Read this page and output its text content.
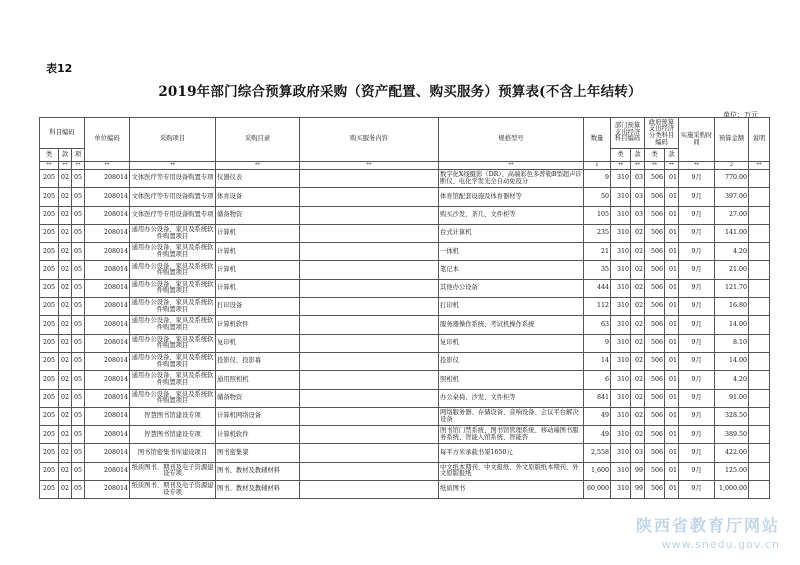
表12
2019年部门综合预算政府采购（资产配置、购买服务）预算表(不含上年结转）
单位：万元
科目编码			单位编码	采购项目	采购目录	购买服务内容	规格型号	数量	部门预算支出经济科目编码		政府预算支出经济分类科目编码		实施采购时间	预算金额	说明
类	款	项							类	款	类	款			
**	**	**	**	**	**	**	**	1	**	**	**	**	**	2	**
205	02	05	208014	文体医疗等专用设备购置专项	仪器仪表		数字化X线摄影（DR）、高端彩色多普勒B型超声诊断仪、电化学发光全自动免疫分	9	310	03	506	01	9月	770.00	
205	02	05	208014	文体医疗等专用设备购置专项	体育设备		体育馆配套设施及体育器材等	50	310	03	506	01	9月	397.00	
205	02	05	208014	文体医疗等专用设备购置专项	储备物资		购买沙发、茶几、文件柜等	105	310	03	506	01	9月	27.00	
205	02	05	208014	通用办公设备、家具及系统软件购置项目	计算机		台式计算机	235	310	02	506	01	9月	141.00	
205	02	05	208014	通用办公设备、家具及系统软件购置项目	计算机		一体机	21	310	02	506	01	9月	4.20	
205	02	05	208014	通用办公设备、家具及系统软件购置项目	计算机		笔记本	35	310	02	506	01	9月	21.00	
205	02	05	208014	通用办公设备、家具及系统软件购置项目	计算机		其他办公设备	444	310	02	506	01	9月	121.70	
205	02	05	208014	通用办公设备、家具及系统软件购置项目	打印设备		打印机	112	310	02	506	01	9月	16.80	
205	02	05	208014	通用办公设备、家具及系统软件购置项目	计算机软件		服务器操作系统、考试机操作系统	63	310	02	506	01	9月	14.00	
205	02	05	208014	通用办公设备、家具及系统软件购置项目	复印机		复印机	9	310	02	506	01	9月	8.10	
205	02	05	208014	通用办公设备、家具及系统软件购置项目	投影仪、投影幕		投影仪	14	310	02	506	01	9月	14.00	
205	02	05	208014	通用办公设备、家具及系统软件购置项目	通用照相机		照相机	6	310	02	506	01	9月	4.20	
205	02	05	208014	通用办公设备、家具及系统软件购置项目	储备物资		办公桌椅、沙发、文件柜等	841	310	02	506	01	9月	91.00	
205	02	05	208014	智慧图书馆建设专项	计算机网络设备		网络服务器、存储设备、音响设备、会议平台解决设备	49	310	02	506	01	9月	328.50	
205	02	05	208014	智慧图书馆建设专项	计算机软件		图书馆门禁系统、图书馆管理系统、移动端图书服务系统、智能入馆系统、智能咨	49	310	02	506	01	9月	389.50	
205	02	05	208014	图书馆密集书库建设项目	图书密集架		每平方米承载书架1650元	2,558	310	03	506	01	9月	422.00	
205	02	05	208014	纸质图书、期刊及电子资源建设专项	图书、教材及教辅材料		中文纸本期刊、中文报纸、外文原版纸本期刊、外文原版报纸	1,600	310	99	506	01	9月	125.00	
205	02	05	208014	纸质图书、期刊及电子资源建设专项	图书、教材及教辅材料		纸质图书	60,000	310	99	506	01	9月	1,000.00	
陕西省教育厅网站
www.snedu.gov.cn
